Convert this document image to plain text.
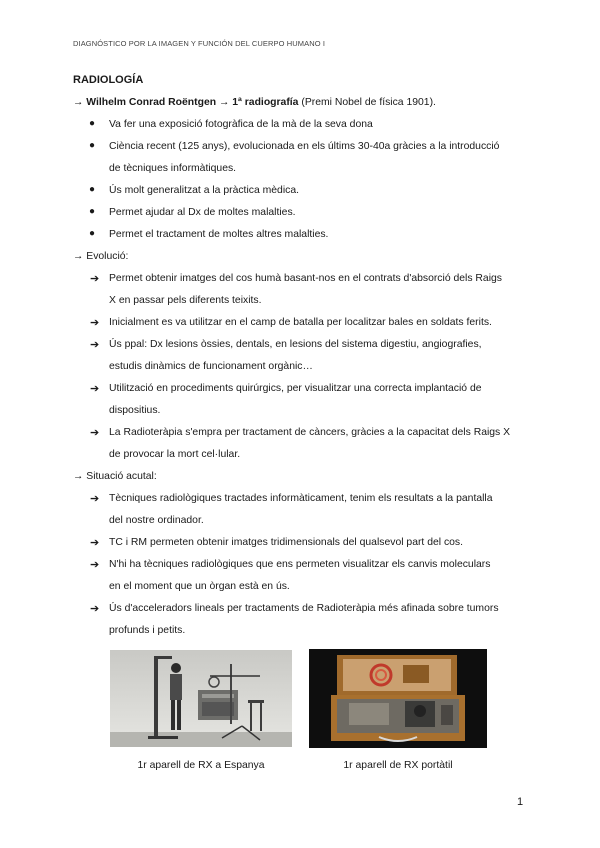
DIAGNÓSTICO POR LA IMAGEN Y FUNCIÓN DEL CUERPO HUMANO I
RADIOLOGÍA
→ Wilhelm Conrad Roëntgen → 1ª radiografía (Premi Nobel de física 1901).
● Va fer una exposició fotogràfica de la mà de la seva dona
● Ciència recent (125 anys), evolucionada en els últims 30-40a gràcies a la introducció
de tècniques informàtiques.
● Ús molt generalitzat a la pràctica mèdica.
● Permet ajudar al Dx de moltes malalties.
● Permet el tractament de moltes altres malalties.
→ Evolució:
➔ Permet obtenir imatges del cos humà basant-nos en el contrats d'absorció dels Raigs
X en passar pels diferents teixits.
➔ Inicialment es va utilitzar en el camp de batalla per localitzar bales en soldats ferits.
➔ Ús ppal: Dx lesions òssies, dentals, en lesions del sistema digestiu, angiografies,
estudis dinàmics de funcionament orgànic…
➔ Utilització en procediments quirúrgics, per visualitzar una correcta implantació de
dispositius.
➔ La Radioteràpia s'empra per tractament de càncers, gràcies a la capacitat dels Raigs X
de provocar la mort cel·lular.
→ Situació acutal:
➔ Tècniques radiològiques tractades informàticament, tenim els resultats a la pantalla
del nostre ordinador.
➔ TC i RM permeten obtenir imatges tridimensionals del qualsevol part del cos.
➔ N'hi ha tècniques radiològiques que ens permeten visualitzar els canvis moleculars
en el moment que un òrgan està en ús.
➔ Ús d'acceleradors lineals per tractaments de Radioteràpia més afinada sobre tumors
profunds i petits.
1r aparell de RX a Espanya	1r aparell de RX portàtil
1
